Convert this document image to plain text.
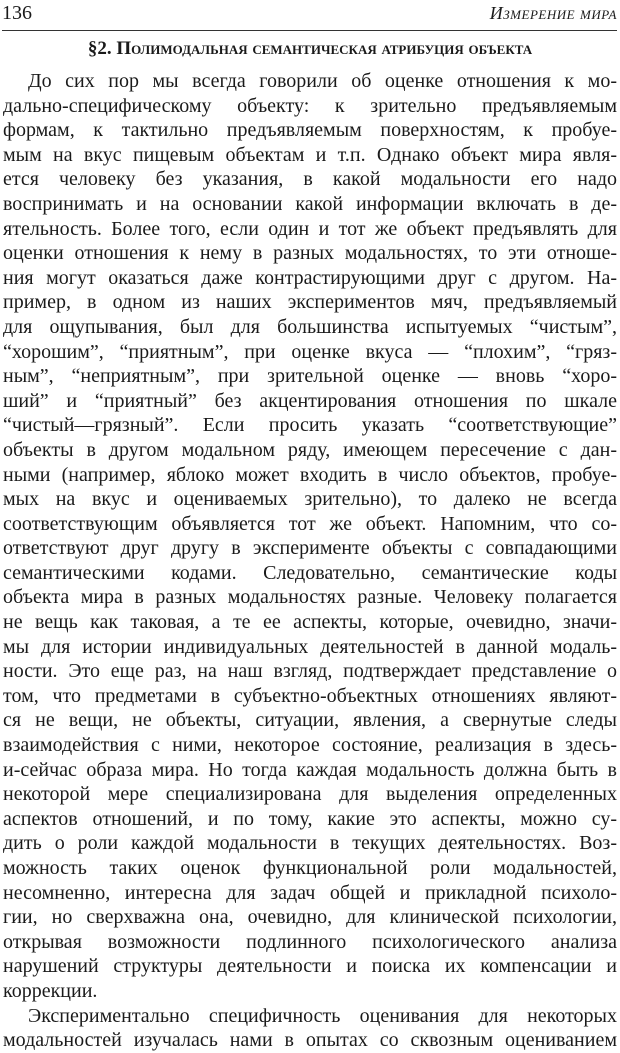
136	Измерение мира
§2. Полимодальная семантическая атрибуция объекта
До сих пор мы всегда говорили об оценке отношения к мо-
дально-специфическому объекту: к зрительно предъявляемым
формам, к тактильно предъявляемым поверхностям, к пробуе-
мым на вкус пищевым объектам и т.п. Однако объект мира явля-
ется человеку без указания, в какой модальности его надо
воспринимать и на основании какой информации включать в де-
ятельность. Более того, если один и тот же объект предъявлять для
оценки отношения к нему в разных модальностях, то эти отноше-
ния могут оказаться даже контрастирующими друг с другом. На-
пример, в одном из наших экспериментов мяч, предъявляемый
для ощупывания, был для большинства испытуемых “чистым”,
“хорошим”, “приятным”, при оценке вкуса — “плохим”, “гряз-
ным”, “неприятным”, при зрительной оценке — вновь “хоро-
ший” и “приятный” без акцентирования отношения по шкале
“чистый—грязный”. Если просить указать “соответствующие”
объекты в другом модальном ряду, имеющем пересечение с дан-
ными (например, яблоко может входить в число объектов, пробуе-
мых на вкус и оцениваемых зрительно), то далеко не всегда
соответствующим объявляется тот же объект. Напомним, что со-
ответствуют друг другу в эксперименте объекты с совпадающими
семантическими кодами. Следовательно, семантические коды
объекта мира в разных модальностях разные. Человеку полагается
не вещь как таковая, а те ее аспекты, которые, очевидно, значи-
мы для истории индивидуальных деятельностей в данной модаль-
ности. Это еще раз, на наш взгляд, подтверждает представление о
том, что предметами в субъектно-объектных отношениях являют-
ся не вещи, не объекты, ситуации, явления, а свернутые следы
взаимодействия с ними, некоторое состояние, реализация в здесь-
и-сейчас образа мира. Но тогда каждая модальность должна быть в
некоторой мере специализирована для выделения определенных
аспектов отношений, и по тому, какие это аспекты, можно су-
дить о роли каждой модальности в текущих деятельностях. Воз-
можность таких оценок функциональной роли модальностей,
несомненно, интересна для задач общей и прикладной психоло-
гии, но сверхважна она, очевидно, для клинической психологии,
открывая возможности подлинного психологического анализа
нарушений структуры деятельности и поиска их компенсации и
коррекции.
Экспериментально специфичность оценивания для некоторых
модальностей изучалась нами в опытах со сквозным оцениванием
